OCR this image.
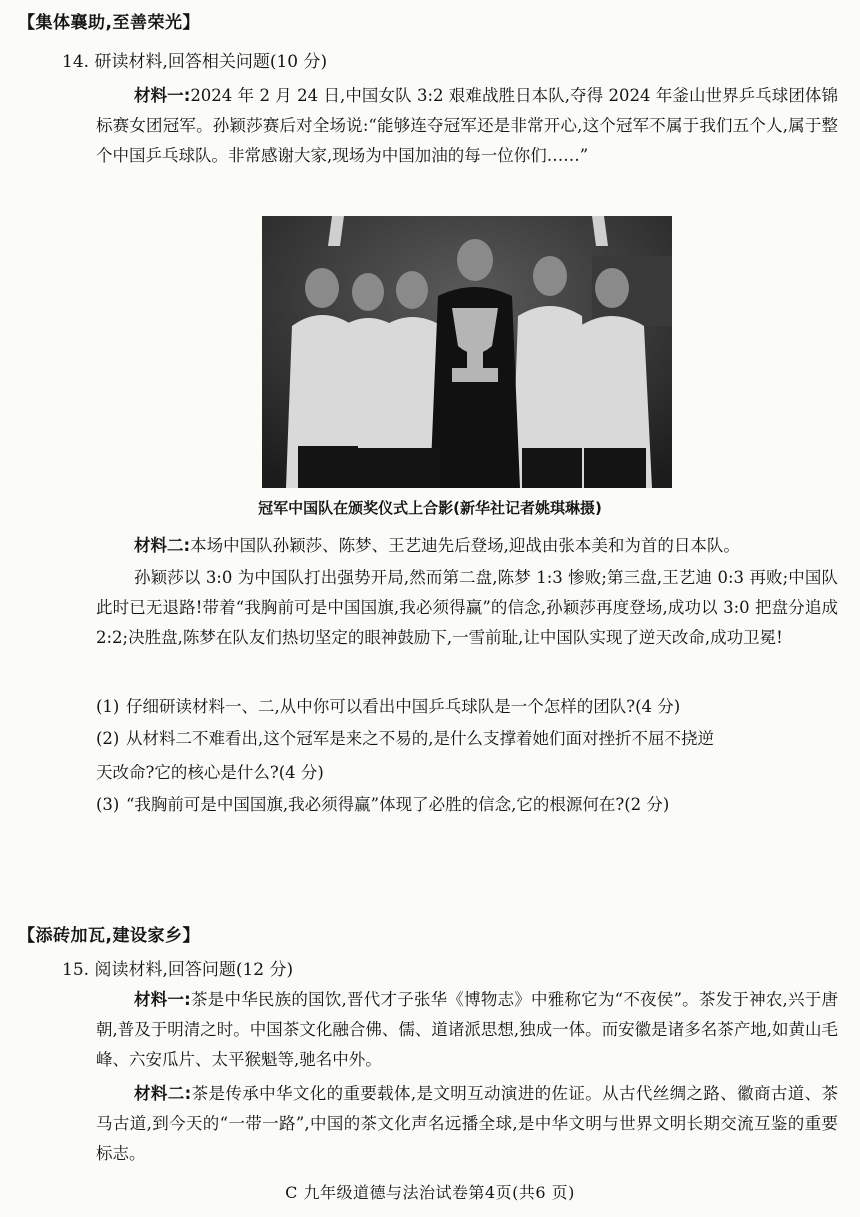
【集体襄助,至善荣光】
14. 研读材料,回答相关问题(10 分)

材料一:2024 年 2 月 24 日,中国女队 3:2 艰难战胜日本队,夺得 2024 年釜山世界乒乓球团体锦标赛女团冠军。孙颖莎赛后对全场说:“能够连夺冠军还是非常开心,这个冠军不属于我们五个人,属于整个中国乒乓球队。非常感谢大家,现场为中国加油的每一位你们……”

冠军中国队在颁奖仪式上合影(新华社记者姚琪琳摄)

材料二:本场中国队孙颖莎、陈梦、王艺迪先后登场,迎战由张本美和为首的日本队。

孙颖莎以 3:0 为中国队打出强势开局,然而第二盘,陈梦 1:3 惨败;第三盘,王艺迪 0:3 再败;中国队此时已无退路!带着“我胸前可是中国国旗,我必须得赢”的信念,孙颖莎再度登场,成功以 3:0 把盘分追成 2:2;决胜盘,陈梦在队友们热切坚定的眼神鼓励下,一雪前耻,让中国队实现了逆天改命,成功卫冕!

(1) 仔细研读材料一、二,从中你可以看出中国乒乓球队是一个怎样的团队?(4 分)
(2) 从材料二不难看出,这个冠军是来之不易的,是什么支撑着她们面对挫折不屈不挠逆
天改命?它的核心是什么?(4 分)
(3) “我胸前可是中国国旗,我必须得赢”体现了必胜的信念,它的根源何在?(2 分)
【添砖加瓦,建设家乡】
15. 阅读材料,回答问题(12 分)

材料一:茶是中华民族的国饮,晋代才子张华《博物志》中雅称它为“不夜侯”。茶发于神农,兴于唐朝,普及于明清之时。中国茶文化融合佛、儒、道诸派思想,独成一体。而安徽是诸多名茶产地,如黄山毛峰、六安瓜片、太平猴魁等,驰名中外。

材料二:茶是传承中华文化的重要载体,是文明互动演进的佐证。从古代丝绸之路、徽商古道、茶马古道,到今天的“一带一路”,中国的茶文化声名远播全球,是中华文明与世界文明长期交流互鉴的重要标志。

C 九年级道德与法治试卷第4页(共6 页)
